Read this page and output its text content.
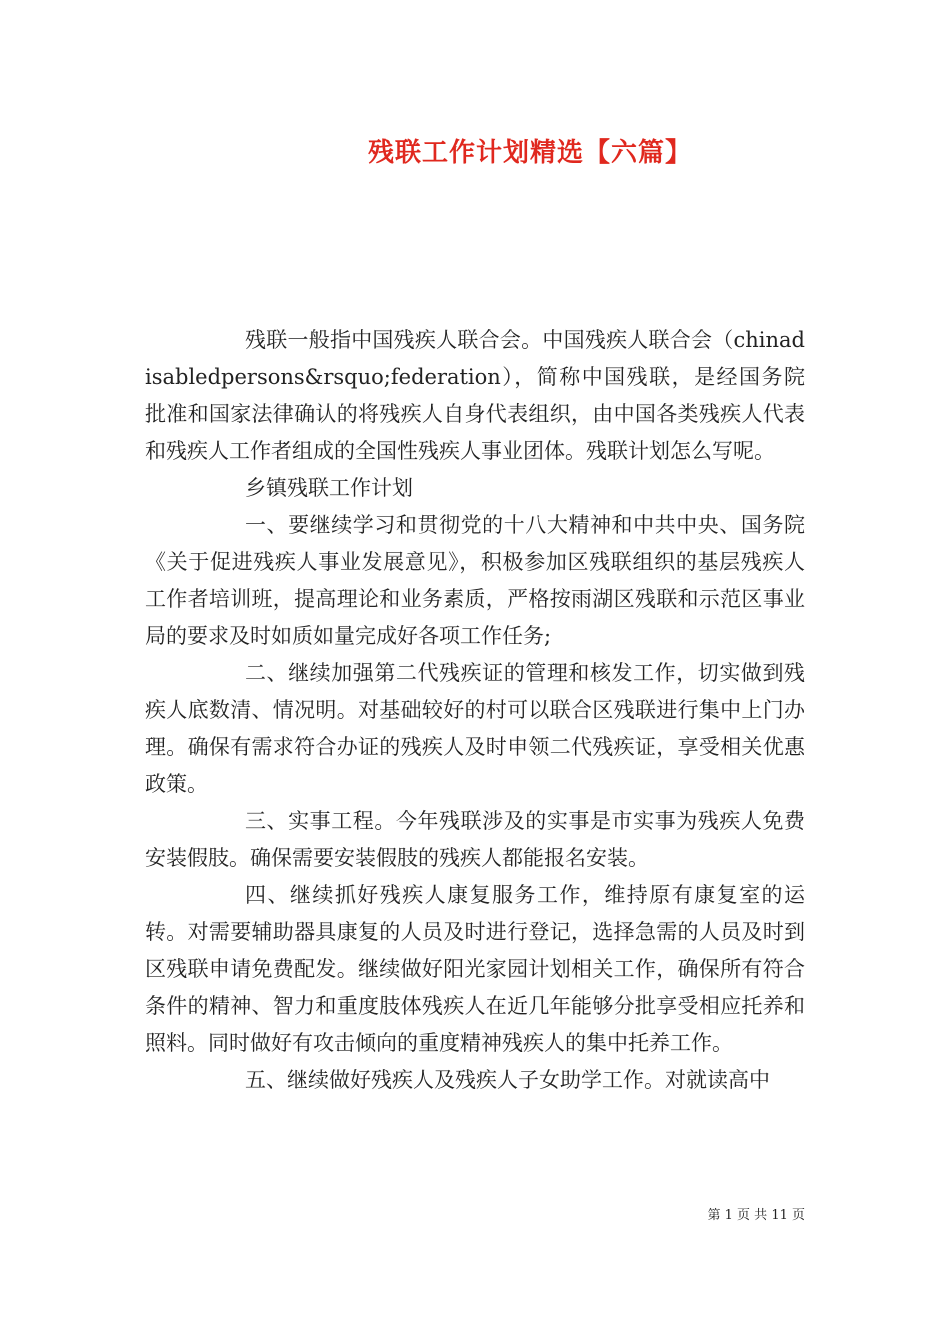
残联工作计划精选【六篇】

残联一般指中国残疾人联合会。中国残疾人联合会（chinadisabledpersons&rsquo;federation），简称中国残联，是经国务院批准和国家法律确认的将残疾人自身代表组织，由中国各类残疾人代表和残疾人工作者组成的全国性残疾人事业团体。残联计划怎么写呢。

乡镇残联工作计划

一、要继续学习和贯彻党的十八大精神和中共中央、国务院《关于促进残疾人事业发展意见》，积极参加区残联组织的基层残疾人工作者培训班，提高理论和业务素质，严格按雨湖区残联和示范区事业局的要求及时如质如量完成好各项工作任务;

二、继续加强第二代残疾证的管理和核发工作，切实做到残疾人底数清、情况明。对基础较好的村可以联合区残联进行集中上门办理。确保有需求符合办证的残疾人及时申领二代残疾证，享受相关优惠政策。

三、实事工程。今年残联涉及的实事是市实事为残疾人免费安装假肢。确保需要安装假肢的残疾人都能报名安装。

四、继续抓好残疾人康复服务工作，维持原有康复室的运转。对需要辅助器具康复的人员及时进行登记，选择急需的人员及时到区残联申请免费配发。继续做好阳光家园计划相关工作，确保所有符合条件的精神、智力和重度肢体残疾人在近几年能够分批享受相应托养和照料。同时做好有攻击倾向的重度精神残疾人的集中托养工作。

五、继续做好残疾人及残疾人子女助学工作。对就读高中

第 1 页 共 11 页
